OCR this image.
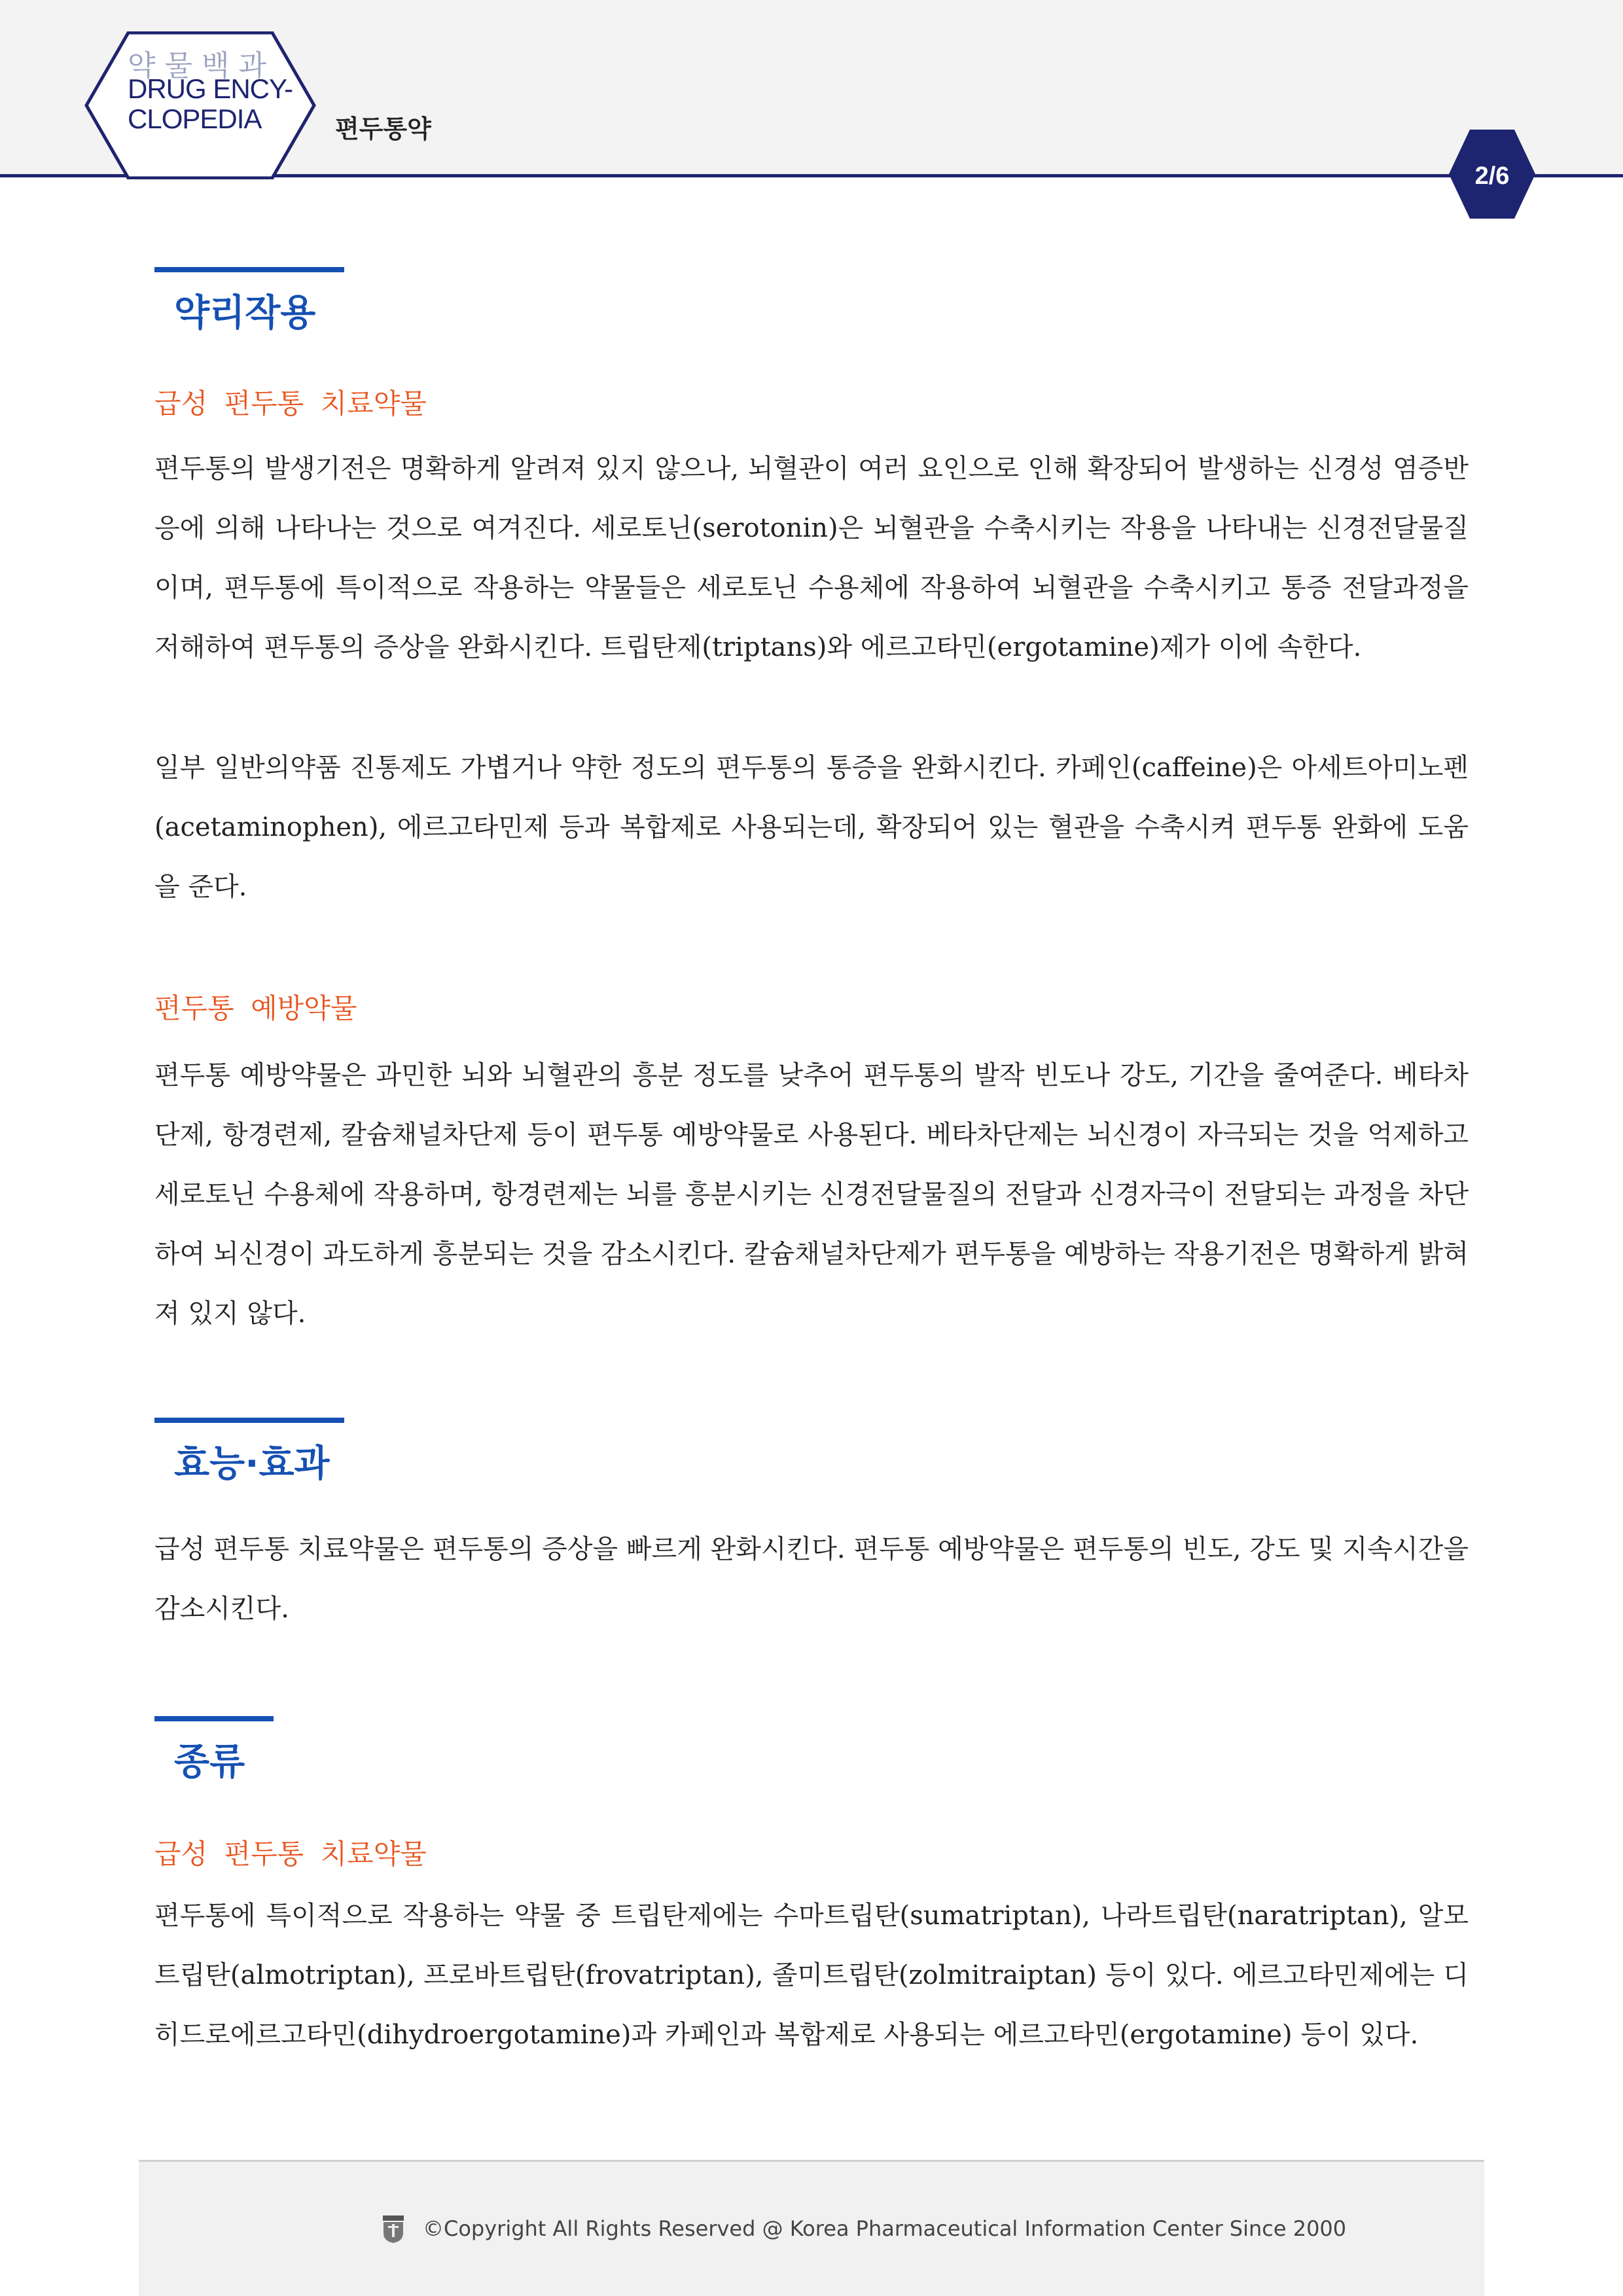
약물백과
DRUG ENCY-
CLOPEDIA	편두통약
2/6
약리작용
급성 편두통 치료약물

편두통의 발생기전은 명확하게 알려져 있지 않으나, 뇌혈관이 여러 요인으로 인해 확장되어 발생하는 신경성 염증반응에 의해 나타나는 것으로 여겨진다. 세로토닌(serotonin)은 뇌혈관을 수축시키는 작용을 나타내는 신경전달물질이며, 편두통에 특이적으로 작용하는 약물들은 세로토닌 수용체에 작용하여 뇌혈관을 수축시키고 통증 전달과정을 저해하여 편두통의 증상을 완화시킨다. 트립탄제(triptans)와 에르고타민(ergotamine)제가 이에 속한다.

일부 일반의약품 진통제도 가볍거나 약한 정도의 편두통의 통증을 완화시킨다. 카페인(caffeine)은 아세트아미노펜(acetaminophen), 에르고타민제 등과 복합제로 사용되는데, 확장되어 있는 혈관을 수축시켜 편두통 완화에 도움을 준다.

편두통 예방약물

편두통 예방약물은 과민한 뇌와 뇌혈관의 흥분 정도를 낮추어 편두통의 발작 빈도나 강도, 기간을 줄여준다. 베타차단제, 항경련제, 칼슘채널차단제 등이 편두통 예방약물로 사용된다. 베타차단제는 뇌신경이 자극되는 것을 억제하고 세로토닌 수용체에 작용하며, 항경련제는 뇌를 흥분시키는 신경전달물질의 전달과 신경자극이 전달되는 과정을 차단하여 뇌신경이 과도하게 흥분되는 것을 감소시킨다. 칼슘채널차단제가 편두통을 예방하는 작용기전은 명확하게 밝혀져 있지 않다.

효능·효과

급성 편두통 치료약물은 편두통의 증상을 빠르게 완화시킨다. 편두통 예방약물은 편두통의 빈도, 강도 및 지속시간을 감소시킨다.

종류
급성 편두통 치료약물

편두통에 특이적으로 작용하는 약물 중 트립탄제에는 수마트립탄(sumatriptan), 나라트립탄(naratriptan), 알모트립탄(almotriptan), 프로바트립탄(frovatriptan), 졸미트립탄(zolmitraiptan) 등이 있다. 에르고타민제에는 디히드로에르고타민(dihydroergotamine)과 카페인과 복합제로 사용되는 에르고타민(ergotamine) 등이 있다.

©Copyright All Rights Reserved @ Korea Pharmaceutical Information Center Since 2000
